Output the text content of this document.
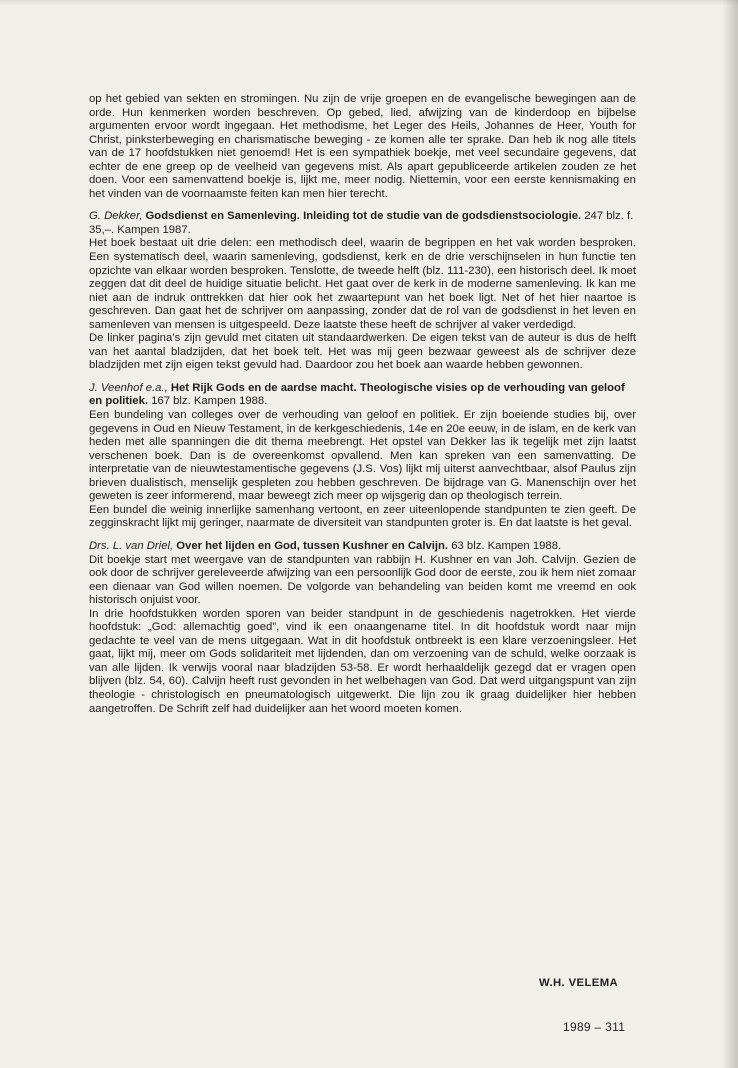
op het gebied van sekten en stromingen. Nu zijn de vrije groepen en de evangelische bewegingen aan de orde. Hun kenmerken worden beschreven. Op gebed, lied, afwijzing van de kinderdoop en bijbelse argumenten ervoor wordt ingegaan. Het methodisme, het Leger des Heils, Johannes de Heer, Youth for Christ, pinksterbeweging en charismatische beweging - ze komen alle ter sprake. Dan heb ik nog alle titels van de 17 hoofdstukken niet genoemd! Het is een sympathiek boekje, met veel secundaire gegevens, dat echter de ene greep op de veelheid van gegevens mist. Als apart gepubliceerde artikelen zouden ze het doen. Voor een samenvattend boekje is, lijkt me, meer nodig. Niettemin, voor een eerste kennismaking en het vinden van de voornaamste feiten kan men hier terecht.

G. Dekker, Godsdienst en Samenleving. Inleiding tot de studie van de godsdienstsociologie. 247 blz. f. 35,–. Kampen 1987.

Het boek bestaat uit drie delen: een methodisch deel, waarin de begrippen en het vak worden besproken. Een systematisch deel, waarin samenleving, godsdienst, kerk en de drie verschijnselen in hun functie ten opzichte van elkaar worden besproken. Tenslotte, de tweede helft (blz. 111-230), een historisch deel. Ik moet zeggen dat dit deel de huidige situatie belicht. Het gaat over de kerk in de moderne samenleving. Ik kan me niet aan de indruk onttrekken dat hier ook het zwaartepunt van het boek ligt. Net of het hier naartoe is geschreven. Dan gaat het de schrijver om aanpassing, zonder dat de rol van de godsdienst in het leven en samenleven van mensen is uitgespeeld. Deze laatste these heeft de schrijver al vaker verdedigd.

De linker pagina’s zijn gevuld met citaten uit standaardwerken. De eigen tekst van de auteur is dus de helft van het aantal bladzijden, dat het boek telt. Het was mij geen bezwaar geweest als de schrijver deze bladzijden met zijn eigen tekst gevuld had. Daardoor zou het boek aan waarde hebben gewonnen.

J. Veenhof e.a., Het Rijk Gods en de aardse macht. Theologische visies op de verhouding van geloof en politiek. 167 blz. Kampen 1988.

Een bundeling van colleges over de verhouding van geloof en politiek. Er zijn boeiende studies bij, over gegevens in Oud en Nieuw Testament, in de kerkgeschiedenis, 14e en 20e eeuw, in de islam, en de kerk van heden met alle spanningen die dit thema meebrengt. Het opstel van Dekker las ik tegelijk met zijn laatst verschenen boek. Dan is de overeenkomst opvallend. Men kan spreken van een samenvatting. De interpretatie van de nieuwtestamentische gegevens (J.S. Vos) lijkt mij uiterst aanvechtbaar, alsof Paulus zijn brieven dualistisch, menselijk gespleten zou hebben geschreven. De bijdrage van G. Manenschijn over het geweten is zeer informerend, maar beweegt zich meer op wijsgerig dan op theologisch terrein.

Een bundel die weinig innerlijke samenhang vertoont, en zeer uiteenlopende standpunten te zien geeft. De zegginskracht lijkt mij geringer, naarmate de diversiteit van standpunten groter is. En dat laatste is het geval.

Drs. L. van Driel, Over het lijden en God, tussen Kushner en Calvijn. 63 blz. Kampen 1988.

Dit boekje start met weergave van de standpunten van rabbijn H. Kushner en van Joh. Calvijn. Gezien de ook door de schrijver gereleveerde afwijzing van een persoonlijk God door de eerste, zou ik hem niet zomaar een dienaar van God willen noemen. De volgorde van behandeling van beiden komt me vreemd en ook historisch onjuist voor.

In drie hoofdstukken worden sporen van beider standpunt in de geschiedenis nagetrokken. Het vierde hoofdstuk: „God: allemachtig goed”, vind ik een onaangename titel. In dit hoofdstuk wordt naar mijn gedachte te veel van de mens uitgegaan. Wat in dit hoofdstuk ontbreekt is een klare verzoeningsleer. Het gaat, lijkt mij, meer om Gods solidariteit met lijdenden, dan om verzoening van de schuld, welke oorzaak is van alle lijden. Ik verwijs vooral naar bladzijden 53-58. Er wordt herhaaldelijk gezegd dat er vragen open blijven (blz. 54, 60). Calvijn heeft rust gevonden in het welbehagen van God. Dat werd uitgangspunt van zijn theologie - christologisch en pneumatologisch uitgewerkt. Die lijn zou ik graag duidelijker hier hebben aangetroffen. De Schrift zelf had duidelijker aan het woord moeten komen.

W.H. VELEMA
1989 – 311
